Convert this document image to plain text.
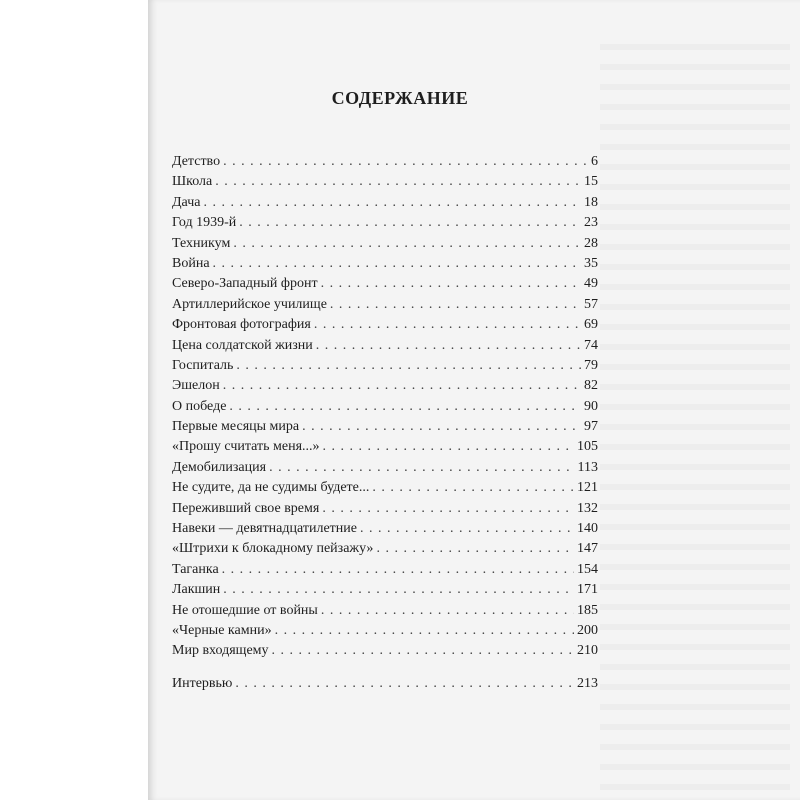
СОДЕРЖАНИЕ
Детство . . .	6
Школа . . .	15
Дача . . .	18
Год 1939-й . . .	23
Техникум . . .	28
Война . . .	35
Северо-Западный фронт . . .	49
Артиллерийское училище . . .	57
Фронтовая фотография . . .	69
Цена солдатской жизни . . .	74
Госпиталь . . .	79
Эшелон . . .	82
О победе . . .	90
Первые месяцы мира . . .	97
«Прошу считать меня...» . . .	105
Демобилизация . . .	113
Не судите, да не судимы будете... . . .	121
Переживший свое время . . .	132
Навеки — девятнадцатилетние . . .	140
«Штрихи к блокадному пейзажу» . . .	147
Таганка . . .	154
Лакшин . . .	171
Не отошедшие от войны . . .	185
«Черные камни» . . .	200
Мир входящему . . .	210
Интервью . . .	213
